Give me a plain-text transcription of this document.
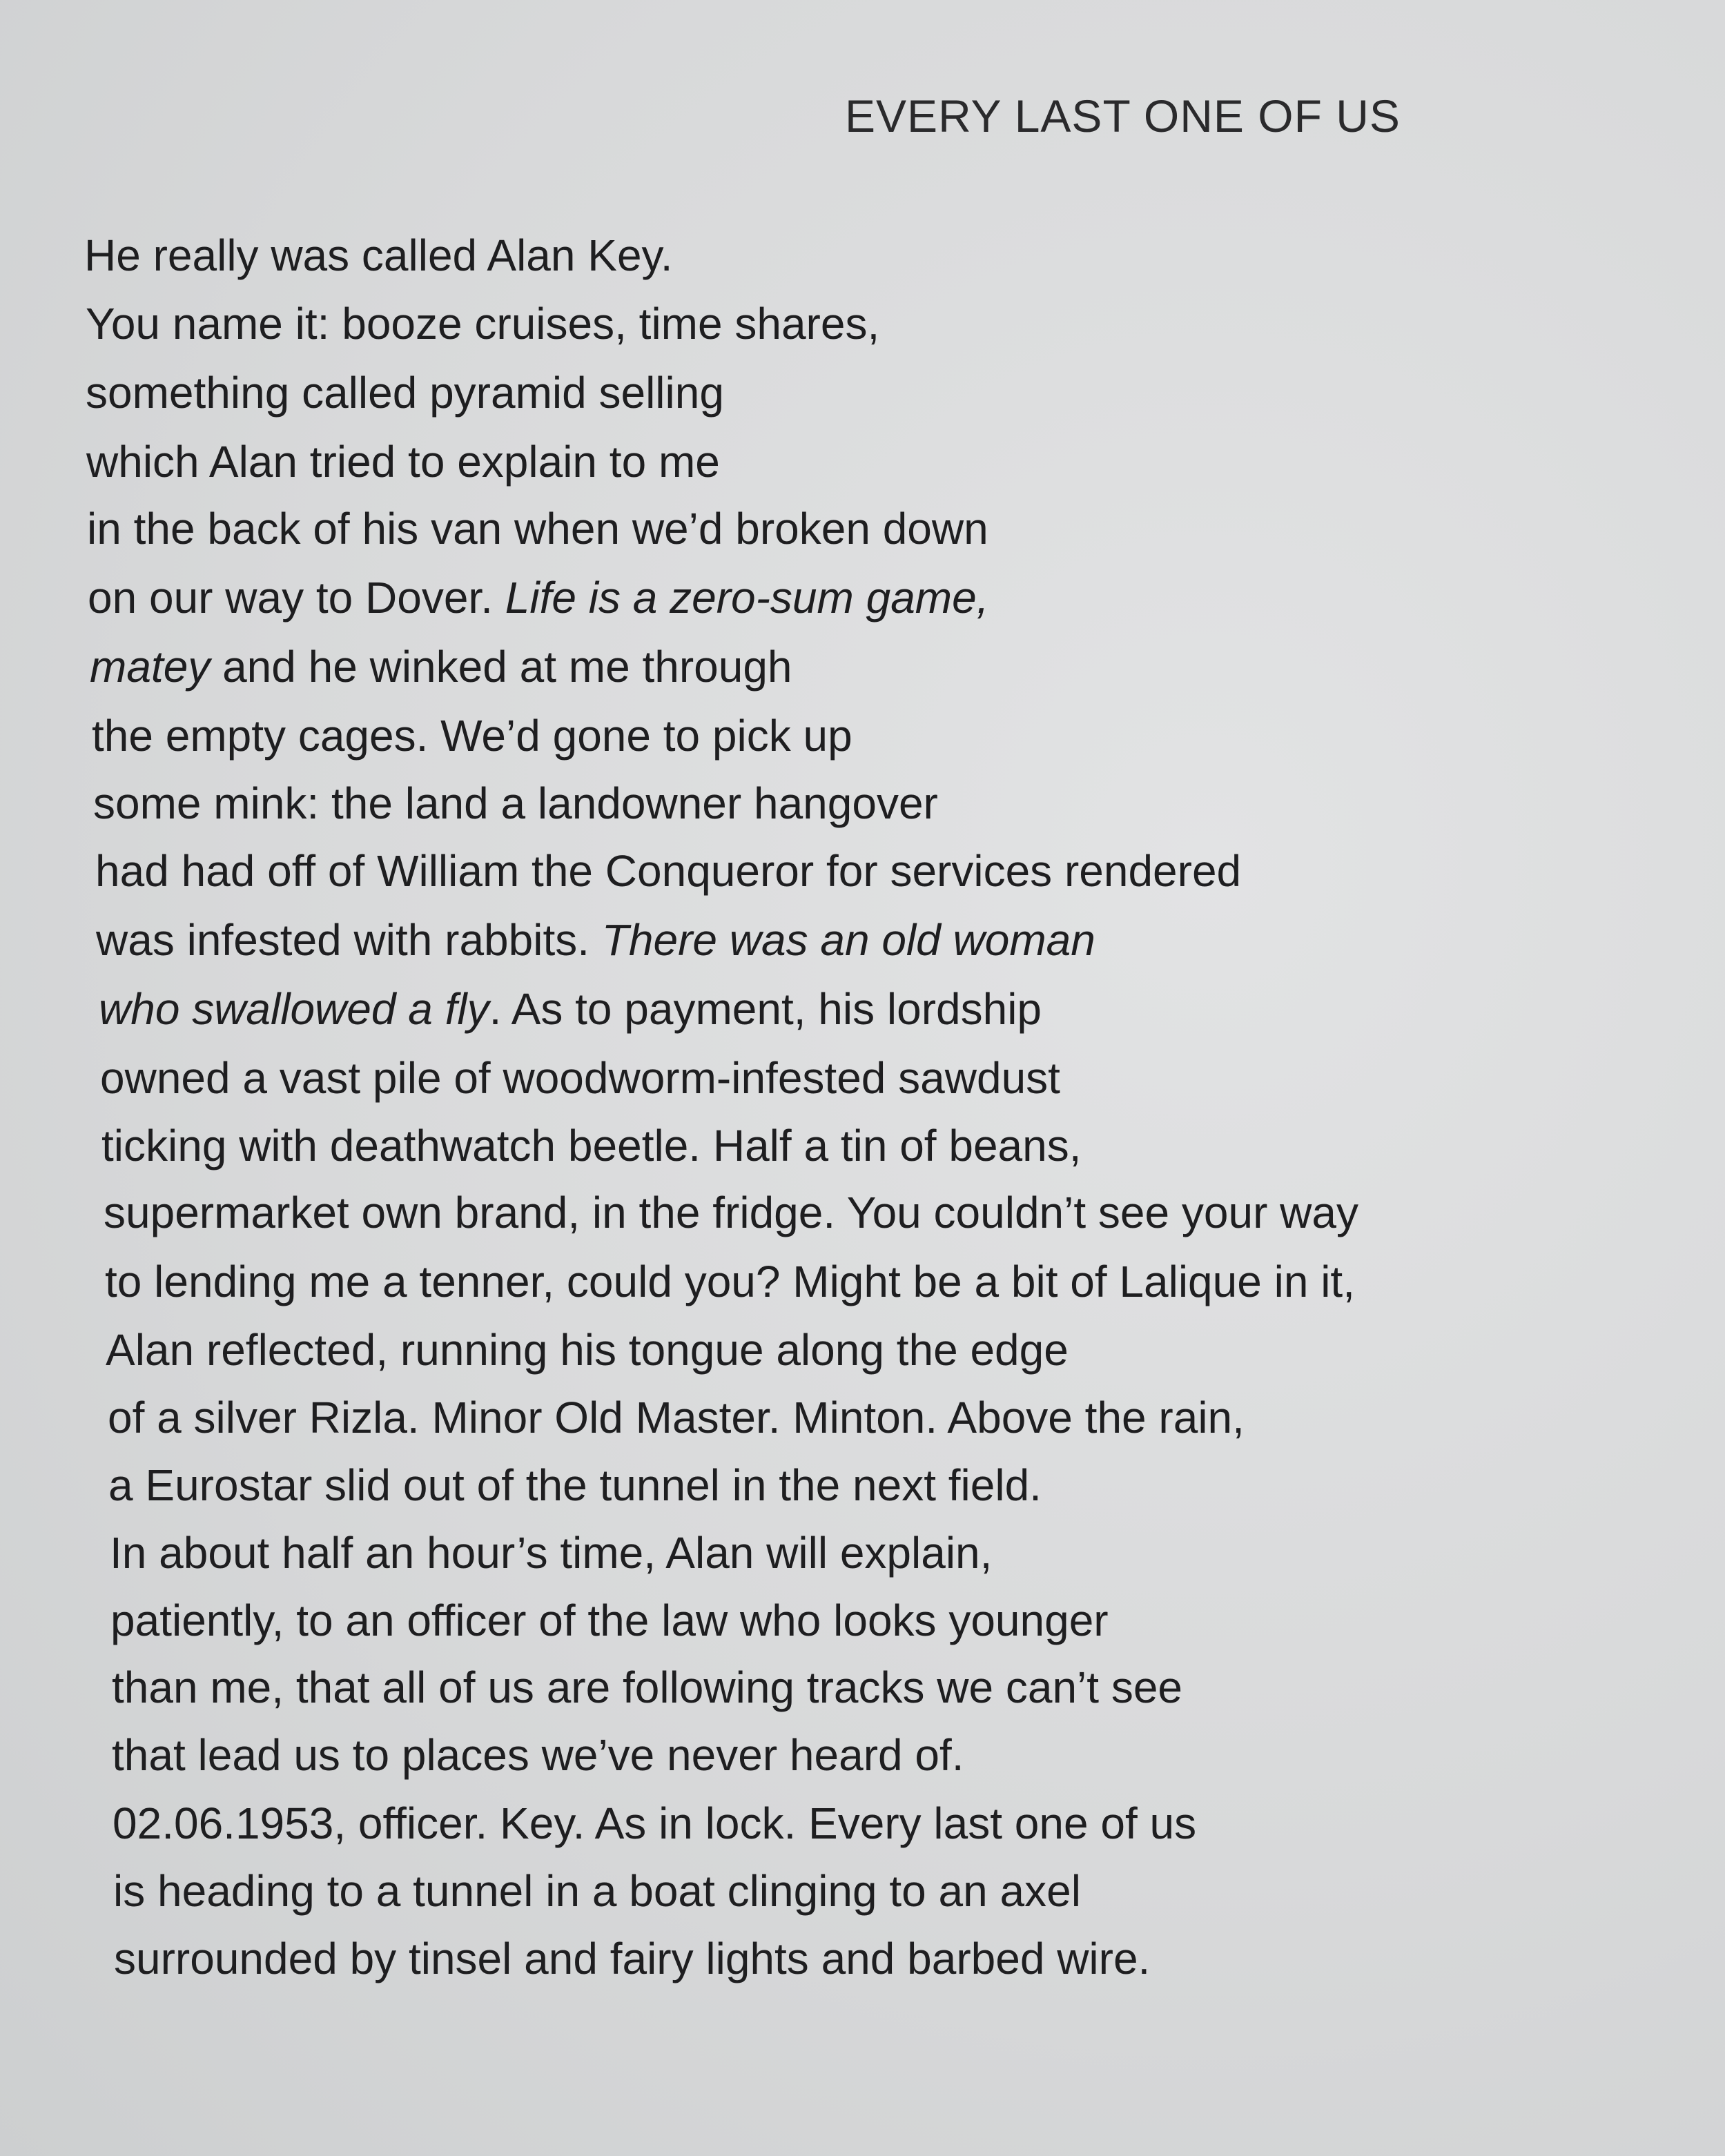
EVERY LAST ONE OF US
He really was called Alan Key.
You name it: booze cruises, time shares,
something called pyramid selling
which Alan tried to explain to me
in the back of his van when we’d broken down
on our way to Dover. Life is a zero-sum game,
matey and he winked at me through
the empty cages. We’d gone to pick up
some mink: the land a landowner hangover
had had off of William the Conqueror for services rendered
was infested with rabbits. There was an old woman
who swallowed a fly. As to payment, his lordship
owned a vast pile of woodworm-infested sawdust
ticking with deathwatch beetle. Half a tin of beans,
supermarket own brand, in the fridge. You couldn’t see your way
to lending me a tenner, could you? Might be a bit of Lalique in it,
Alan reflected, running his tongue along the edge
of a silver Rizla. Minor Old Master. Minton. Above the rain,
a Eurostar slid out of the tunnel in the next field.
In about half an hour’s time, Alan will explain,
patiently, to an officer of the law who looks younger
than me, that all of us are following tracks we can’t see
that lead us to places we’ve never heard of.
02.06.1953, officer. Key. As in lock. Every last one of us
is heading to a tunnel in a boat clinging to an axel
surrounded by tinsel and fairy lights and barbed wire.
